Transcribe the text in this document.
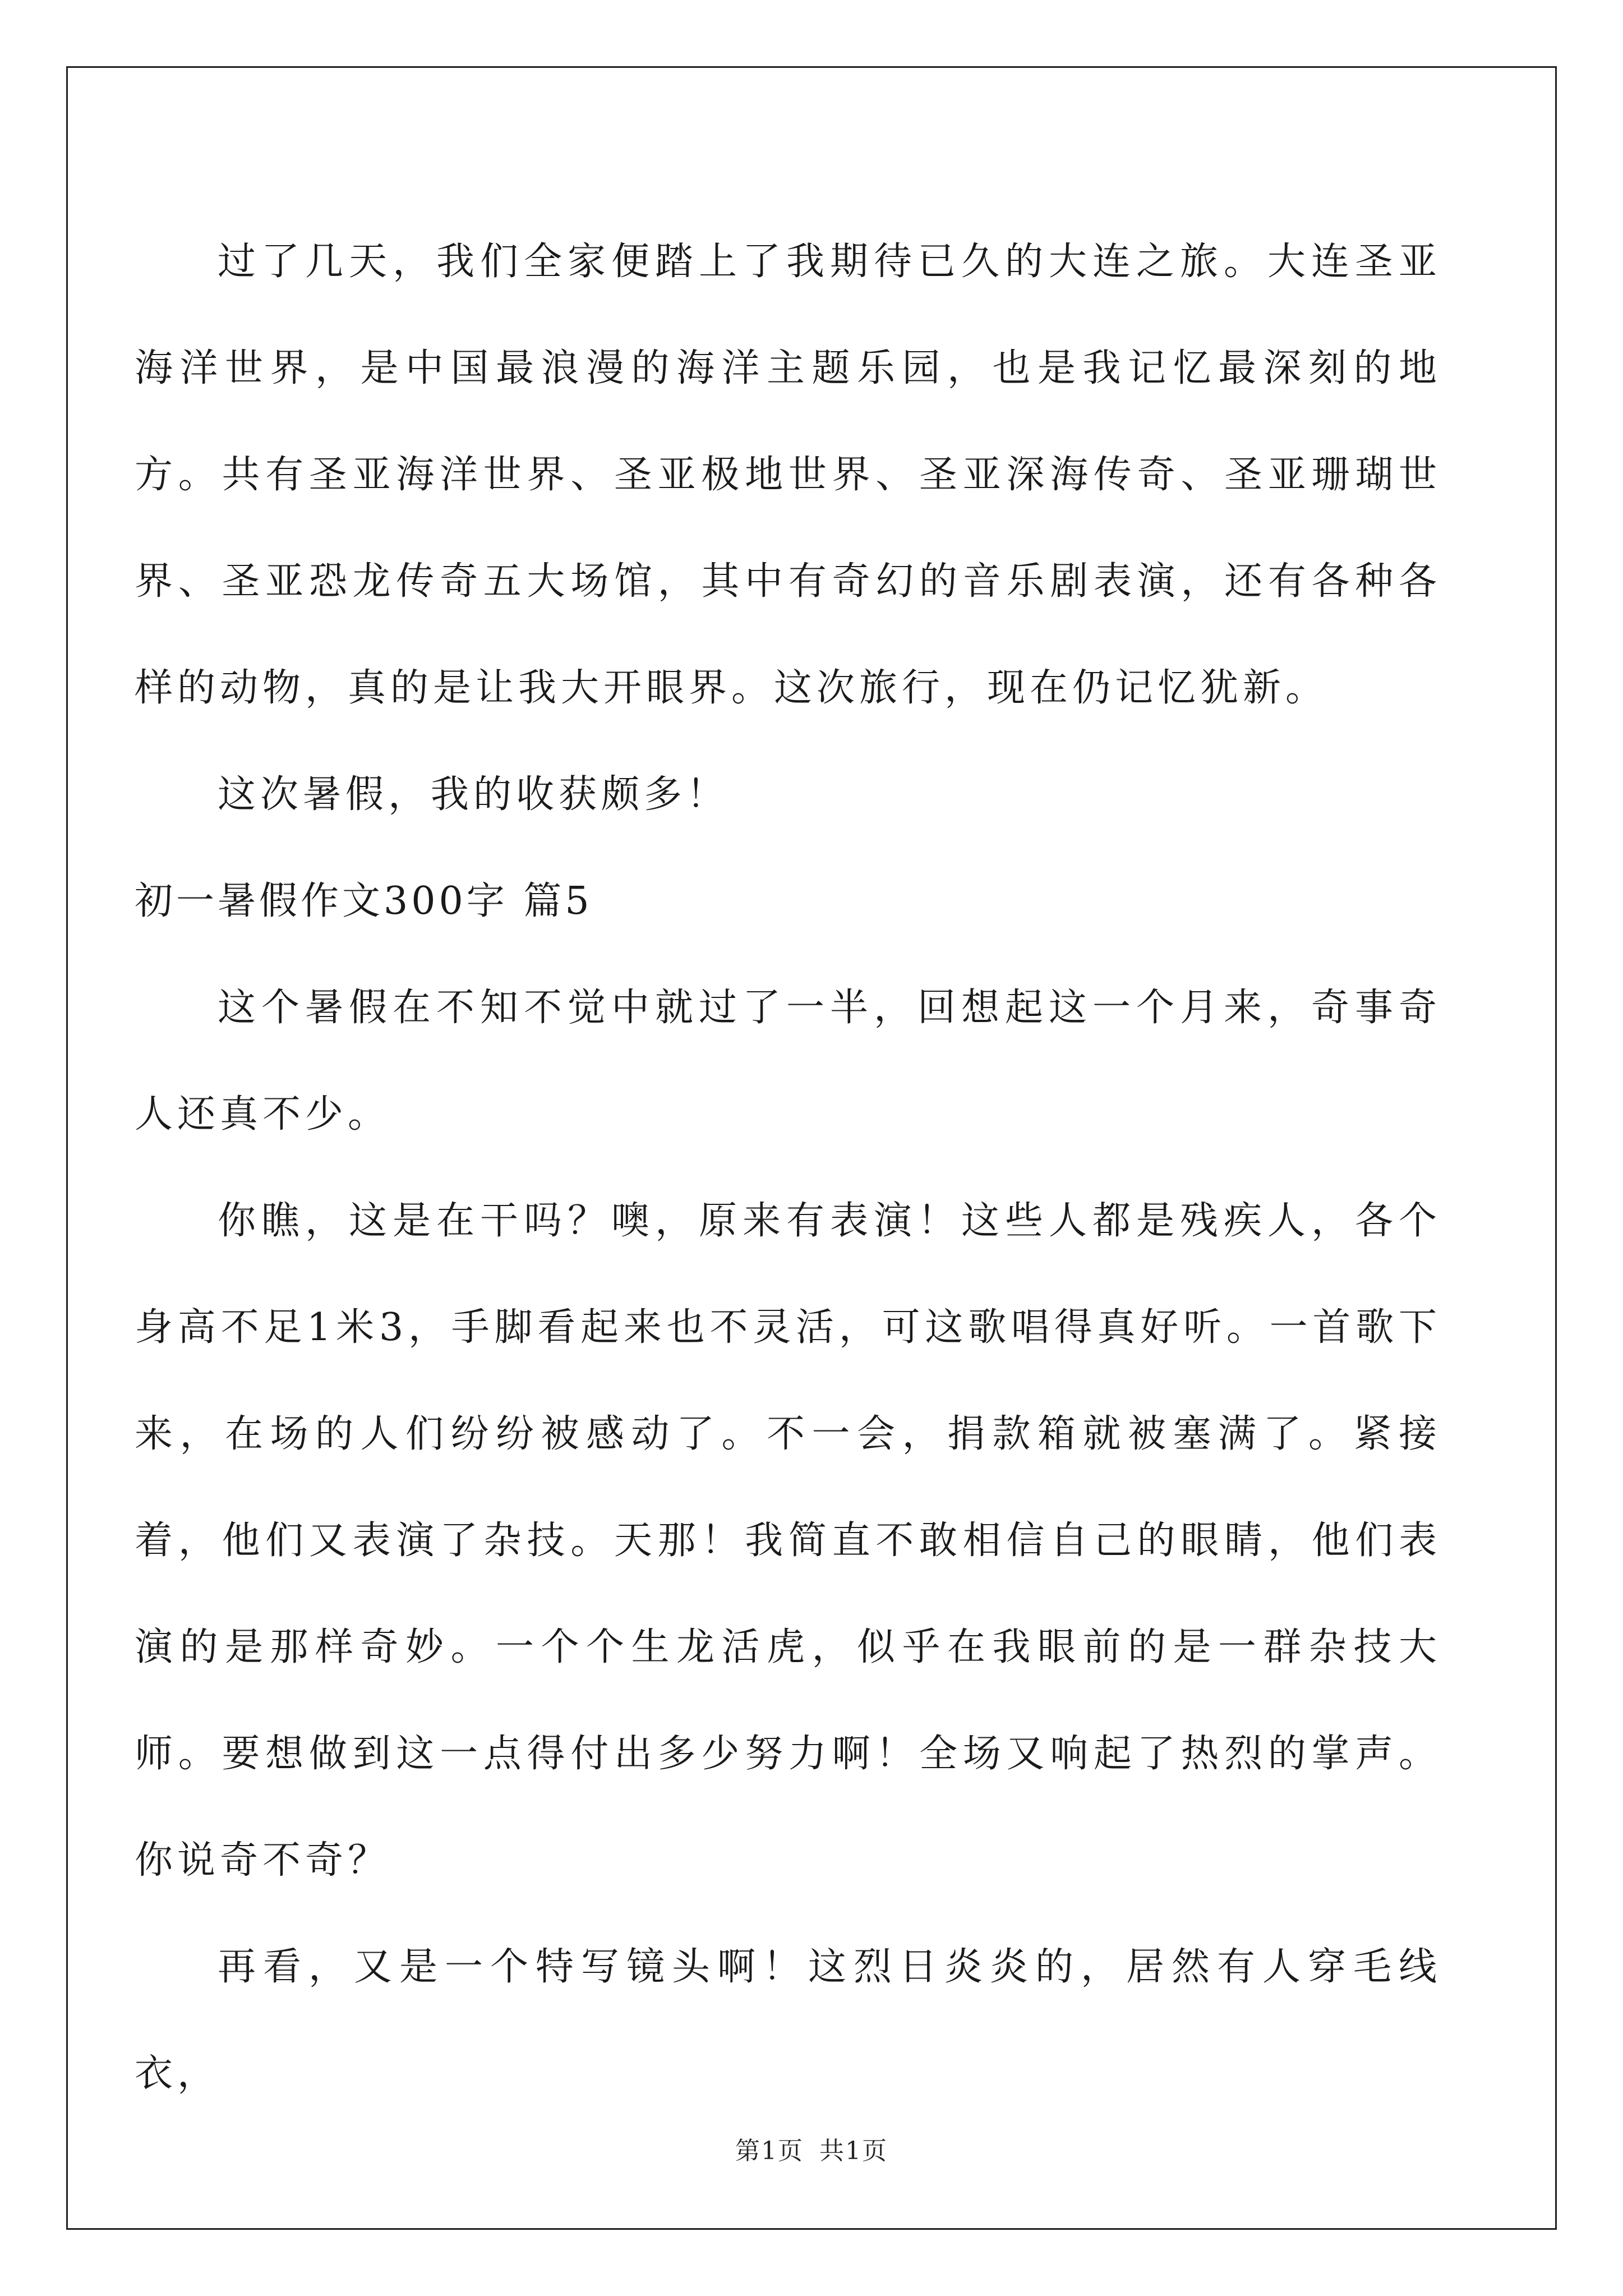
过了几天，我们全家便踏上了我期待已久的大连之旅。大连圣亚海洋世界，是中国最浪漫的海洋主题乐园，也是我记忆最深刻的地方。共有圣亚海洋世界、圣亚极地世界、圣亚深海传奇、圣亚珊瑚世界、圣亚恐龙传奇五大场馆，其中有奇幻的音乐剧表演，还有各种各样的动物，真的是让我大开眼界。这次旅行，现在仍记忆犹新。

这次暑假，我的收获颇多！

初一暑假作文300字 篇5

这个暑假在不知不觉中就过了一半，回想起这一个月来，奇事奇人还真不少。

你瞧，这是在干吗？噢，原来有表演！这些人都是残疾人，各个身高不足1米3，手脚看起来也不灵活，可这歌唱得真好听。一首歌下来，在场的人们纷纷被感动了。不一会，捐款箱就被塞满了。紧接着，他们又表演了杂技。天那！我简直不敢相信自己的眼睛，他们表演的是那样奇妙。一个个生龙活虎，似乎在我眼前的是一群杂技大师。要想做到这一点得付出多少努力啊！全场又响起了热烈的掌声。你说奇不奇？

再看，又是一个特写镜头啊！这烈日炎炎的，居然有人穿毛线衣，

第1页 共1页
